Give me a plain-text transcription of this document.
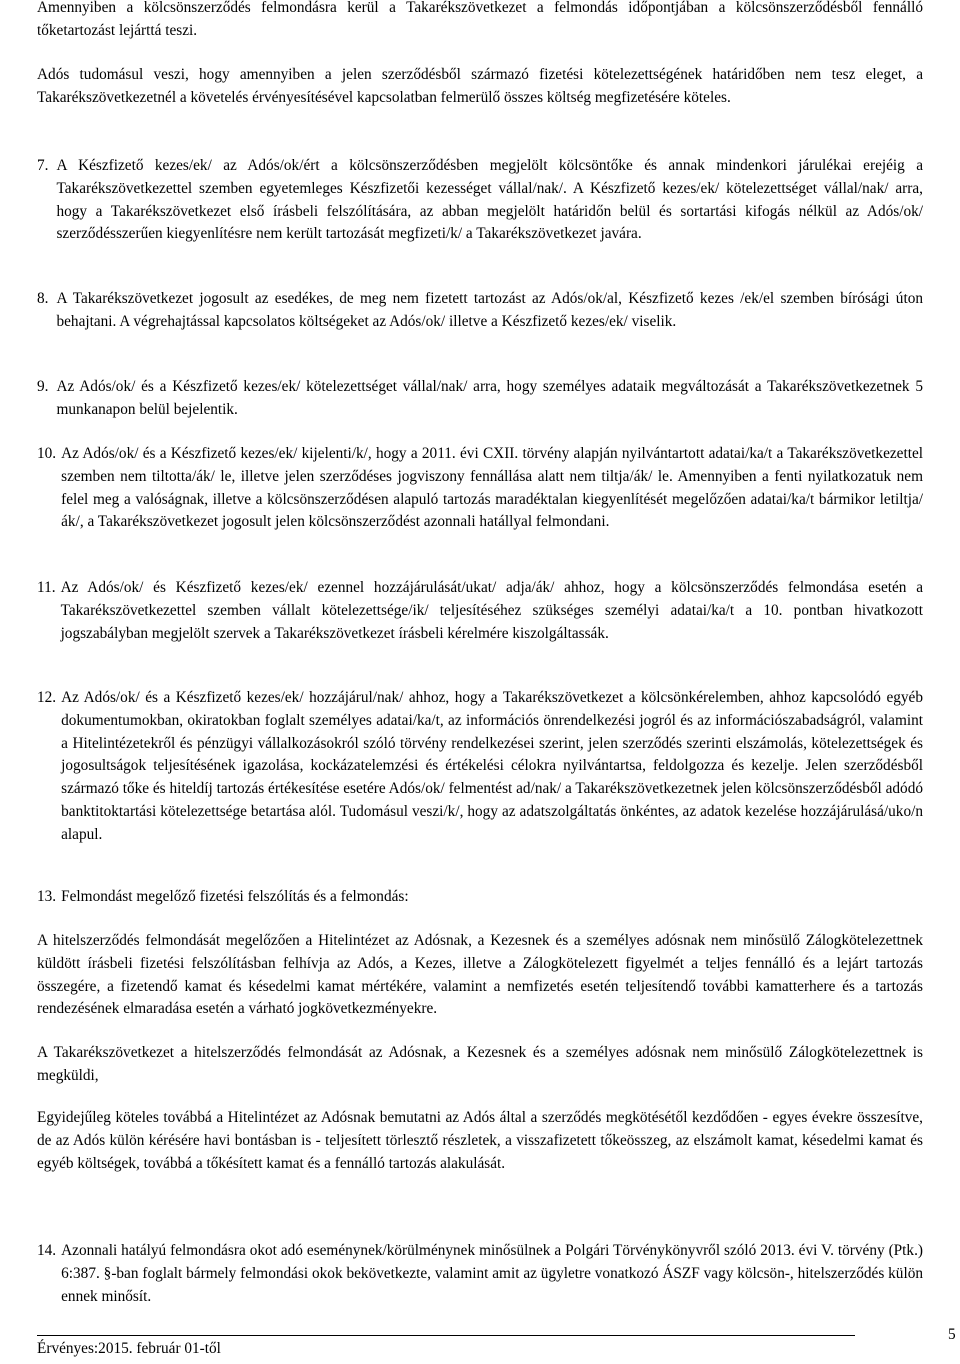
Amennyiben a kölcsönszerződés felmondásra kerül a Takarékszövetkezet a felmondás időpontjában a kölcsönszerződésből fennálló tőketartozást lejárttá teszi.

Adós tudomásul veszi, hogy amennyiben a jelen szerződésből származó fizetési kötelezettségének határidőben nem tesz eleget, a Takarékszövetkezetnél a követelés érvényesítésével kapcsolatban felmerülő összes költség megfizetésére köteles.

7. A Készfizető kezes/ek/ az Adós/ok/ért a kölcsönszerződésben megjelölt kölcsöntőke és annak mindenkori járulékai erejéig a Takarékszövetkezettel szemben egyetemleges Készfizetői kezességet vállal/nak/. A Készfizető kezes/ek/ kötelezettséget vállal/nak/ arra, hogy a Takarékszövetkezet első írásbeli felszólítására, az abban megjelölt határidőn belül és sortartási kifogás nélkül az Adós/ok/ szerződésszerűen kiegyenlítésre nem került tartozását megfizeti/k/ a Takarékszövetkezet javára.
8. A Takarékszövetkezet jogosult az esedékes, de meg nem fizetett tartozást az Adós/ok/al, Készfizető kezes /ek/el szemben bírósági úton behajtani. A végrehajtással kapcsolatos költségeket az Adós/ok/ illetve a Készfizető kezes/ek/ viselik.
9. Az Adós/ok/ és a Készfizető kezes/ek/ kötelezettséget vállal/nak/ arra, hogy személyes adataik megváltozását a Takarékszövetkezetnek 5 munkanapon belül bejelentik.
10. Az Adós/ok/ és a Készfizető kezes/ek/ kijelenti/k/, hogy a 2011. évi CXII. törvény alapján nyilvántartott adatai/ka/t a Takarékszövetkezettel szemben nem tiltotta/ák/ le, illetve jelen szerződéses jogviszony fennállása alatt nem tiltja/ák/ le. Amennyiben a fenti nyilatkozatuk nem felel meg a valóságnak, illetve a kölcsönszerződésen alapuló tartozás maradéktalan kiegyenlítését megelőzően adatai/ka/t bármikor letiltja/ák/, a Takarékszövetkezet jogosult jelen kölcsönszerződést azonnali hatállyal felmondani.
11. Az Adós/ok/ és Készfizető kezes/ek/ ezennel hozzájárulását/ukat/ adja/ák/ ahhoz, hogy a kölcsönszerződés felmondása esetén a Takarékszövetkezettel szemben vállalt kötelezettsége/ik/ teljesítéséhez szükséges személyi adatai/ka/t a 10. pontban hivatkozott jogszabályban megjelölt szervek a Takarékszövetkezet írásbeli kérelmére kiszolgáltassák.
12. Az Adós/ok/ és a Készfizető kezes/ek/ hozzájárul/nak/ ahhoz, hogy a Takarékszövetkezet a kölcsönkérelemben, ahhoz kapcsolódó egyéb dokumentumokban, okiratokban foglalt személyes adatai/ka/t, az információs önrendelkezési jogról és az információszabadságról, valamint a Hitelintézetekről és pénzügyi vállalkozásokról szóló törvény rendelkezései szerint, jelen szerződés szerinti elszámolás, kötelezettségek és jogosultságok teljesítésének igazolása, kockázatelemzési és értékelési célokra nyilvántartsa, feldolgozza és kezelje. Jelen szerződésből származó tőke és hiteldíj tartozás értékesítése esetére Adós/ok/ felmentést ad/nak/ a Takarékszövetkezetnek jelen kölcsönszerződésből adódó banktitoktartási kötelezettsége betartása alól. Tudomásul veszi/k/, hogy az adatszolgáltatás önkéntes, az adatok kezelése hozzájárulásá/uko/n alapul.
13. Felmondást megelőző fizetési felszólítás és a felmondás:

A hitelszerződés felmondását megelőzően a Hitelintézet az Adósnak, a Kezesnek és a személyes adósnak nem minősülő Zálogkötelezettnek küldött írásbeli fizetési felszólításban felhívja az Adós, a Kezes, illetve a Zálogkötelezett figyelmét a teljes fennálló és a lejárt tartozás összegére, a fizetendő kamat és késedelmi kamat mértékére, valamint a nemfizetés esetén teljesítendő további kamatterhere és a tartozás rendezésének elmaradása esetén a várható jogkövetkezményekre.

A Takarékszövetkezet a hitelszerződés felmondását az Adósnak, a Kezesnek és a személyes adósnak nem minősülő Zálogkötelezettnek is megküldi,

Egyidejűleg köteles továbbá a Hitelintézet az Adósnak bemutatni az Adós által a szerződés megkötésétől kezdődően - egyes évekre összesítve, de az Adós külön kérésére havi bontásban is - teljesített törlesztő részletek, a visszafizetett tőkeösszeg, az elszámolt kamat, késedelmi kamat és egyéb költségek, továbbá a tőkésített kamat és a fennálló tartozás alakulását.

14. Azonnali hatályú felmondásra okot adó eseménynek/körülménynek minősülnek a Polgári Törvénykönyvről szóló 2013. évi V. törvény (Ptk.) 6:387. §-ban foglalt bármely felmondási okok bekövetkezte, valamint amit az ügyletre vonatkozó ÁSZF vagy kölcsön-, hitelszerződés külön ennek minősít.
Érvényes:2015. február 01-től
5
